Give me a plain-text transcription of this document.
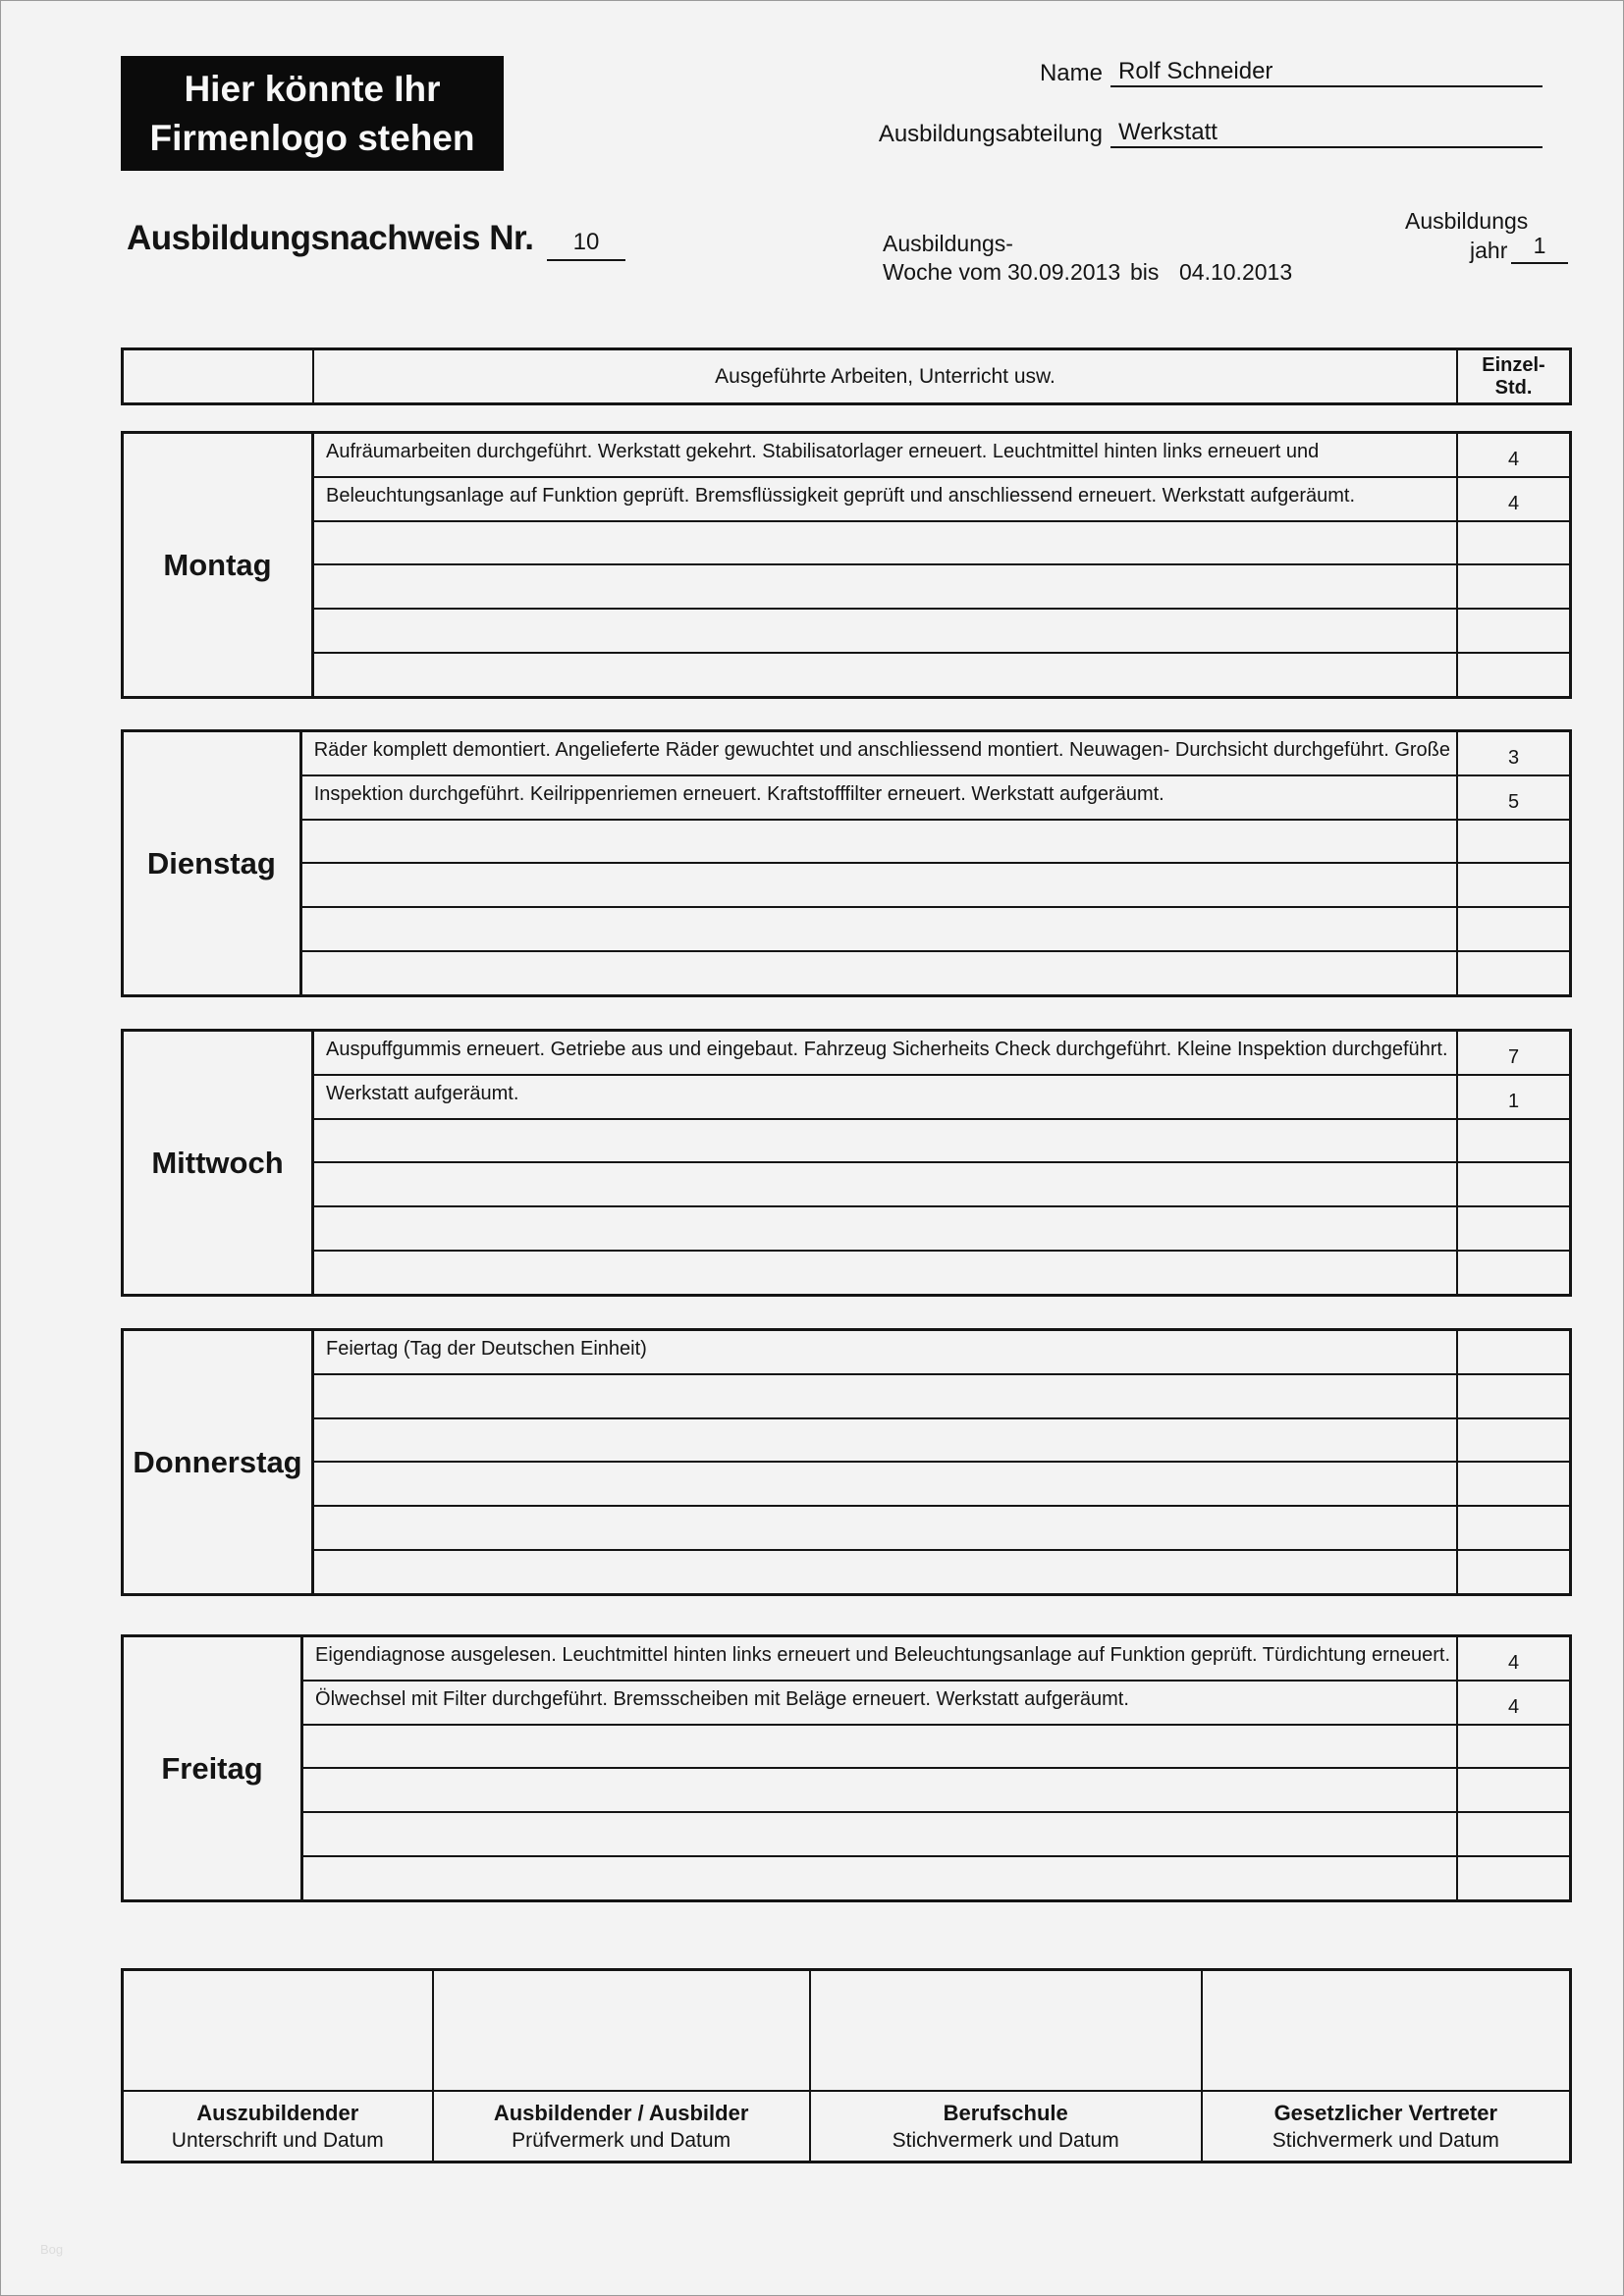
Hier könnte Ihr
Firmenlogo stehen
Ausbildungsnachweis Nr.	10
Name Rolf Schneider
Ausbildungsabteilung Werkstatt
Ausbildungs-
Woche vom 30.09.2013 bis 04.10.2013
Ausbildungs
jahr	1
Ausgeführte Arbeiten, Unterricht usw.	Einzel-
Std.
Montag
Aufräumarbeiten durchgeführt. Werkstatt gekehrt. Stabilisatorlager erneuert. Leuchtmittel hinten links erneuert und	4
Beleuchtungsanlage auf Funktion geprüft. Bremsflüssigkeit geprüft und anschliessend erneuert. Werkstatt aufgeräumt.	4
Dienstag
Räder komplett demontiert. Angelieferte Räder gewuchtet und anschliessend montiert. Neuwagen- Durchsicht durchgeführt. Große	3
Inspektion durchgeführt. Keilrippenriemen erneuert. Kraftstofffilter erneuert. Werkstatt aufgeräumt.	5
Mittwoch
Auspuffgummis erneuert. Getriebe aus und eingebaut. Fahrzeug Sicherheits Check durchgeführt. Kleine Inspektion durchgeführt.	7
Werkstatt aufgeräumt.	1
Donnerstag
Feiertag (Tag der Deutschen Einheit)
Freitag
Eigendiagnose ausgelesen. Leuchtmittel hinten links erneuert und Beleuchtungsanlage auf Funktion geprüft. Türdichtung erneuert.	4
Ölwechsel mit Filter durchgeführt. Bremsscheiben mit Beläge erneuert. Werkstatt aufgeräumt.	4
Auszubildender
Unterschrift und Datum
Ausbildender / Ausbilder
Prüfvermerk und Datum
Berufschule
Stichvermerk und Datum
Gesetzlicher Vertreter
Stichvermerk und Datum
Bog
